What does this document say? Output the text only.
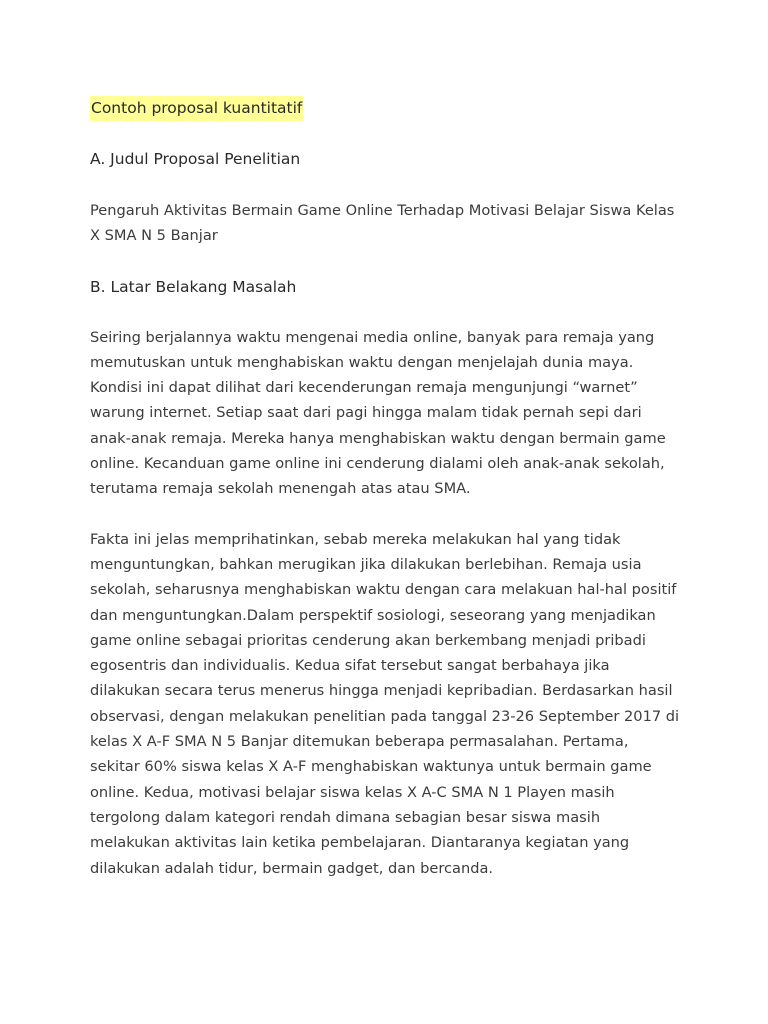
Contoh proposal kuantitatif

A. Judul Proposal Penelitian

Pengaruh Aktivitas Bermain Game Online Terhadap Motivasi Belajar Siswa Kelas
X SMA N 5 Banjar

B. Latar Belakang Masalah

Seiring berjalannya waktu mengenai media online, banyak para remaja yang
memutuskan untuk menghabiskan waktu dengan menjelajah dunia maya.
Kondisi ini dapat dilihat dari kecenderungan remaja mengunjungi “warnet”
warung internet. Setiap saat dari pagi hingga malam tidak pernah sepi dari
anak-anak remaja. Mereka hanya menghabiskan waktu dengan bermain game
online. Kecanduan game online ini cenderung dialami oleh anak-anak sekolah,
terutama remaja sekolah menengah atas atau SMA.

Fakta ini jelas memprihatinkan, sebab mereka melakukan hal yang tidak
menguntungkan, bahkan merugikan jika dilakukan berlebihan. Remaja usia
sekolah, seharusnya menghabiskan waktu dengan cara melakuan hal-hal positif
dan menguntungkan.Dalam perspektif sosiologi, seseorang yang menjadikan
game online sebagai prioritas cenderung akan berkembang menjadi pribadi
egosentris dan individualis. Kedua sifat tersebut sangat berbahaya jika
dilakukan secara terus menerus hingga menjadi kepribadian. Berdasarkan hasil
observasi, dengan melakukan penelitian pada tanggal 23-26 September 2017 di
kelas X A-F SMA N 5 Banjar ditemukan beberapa permasalahan. Pertama,
sekitar 60% siswa kelas X A-F menghabiskan waktunya untuk bermain game
online. Kedua, motivasi belajar siswa kelas X A-C SMA N 1 Playen masih
tergolong dalam kategori rendah dimana sebagian besar siswa masih
melakukan aktivitas lain ketika pembelajaran. Diantaranya kegiatan yang
dilakukan adalah tidur, bermain gadget, dan bercanda.
